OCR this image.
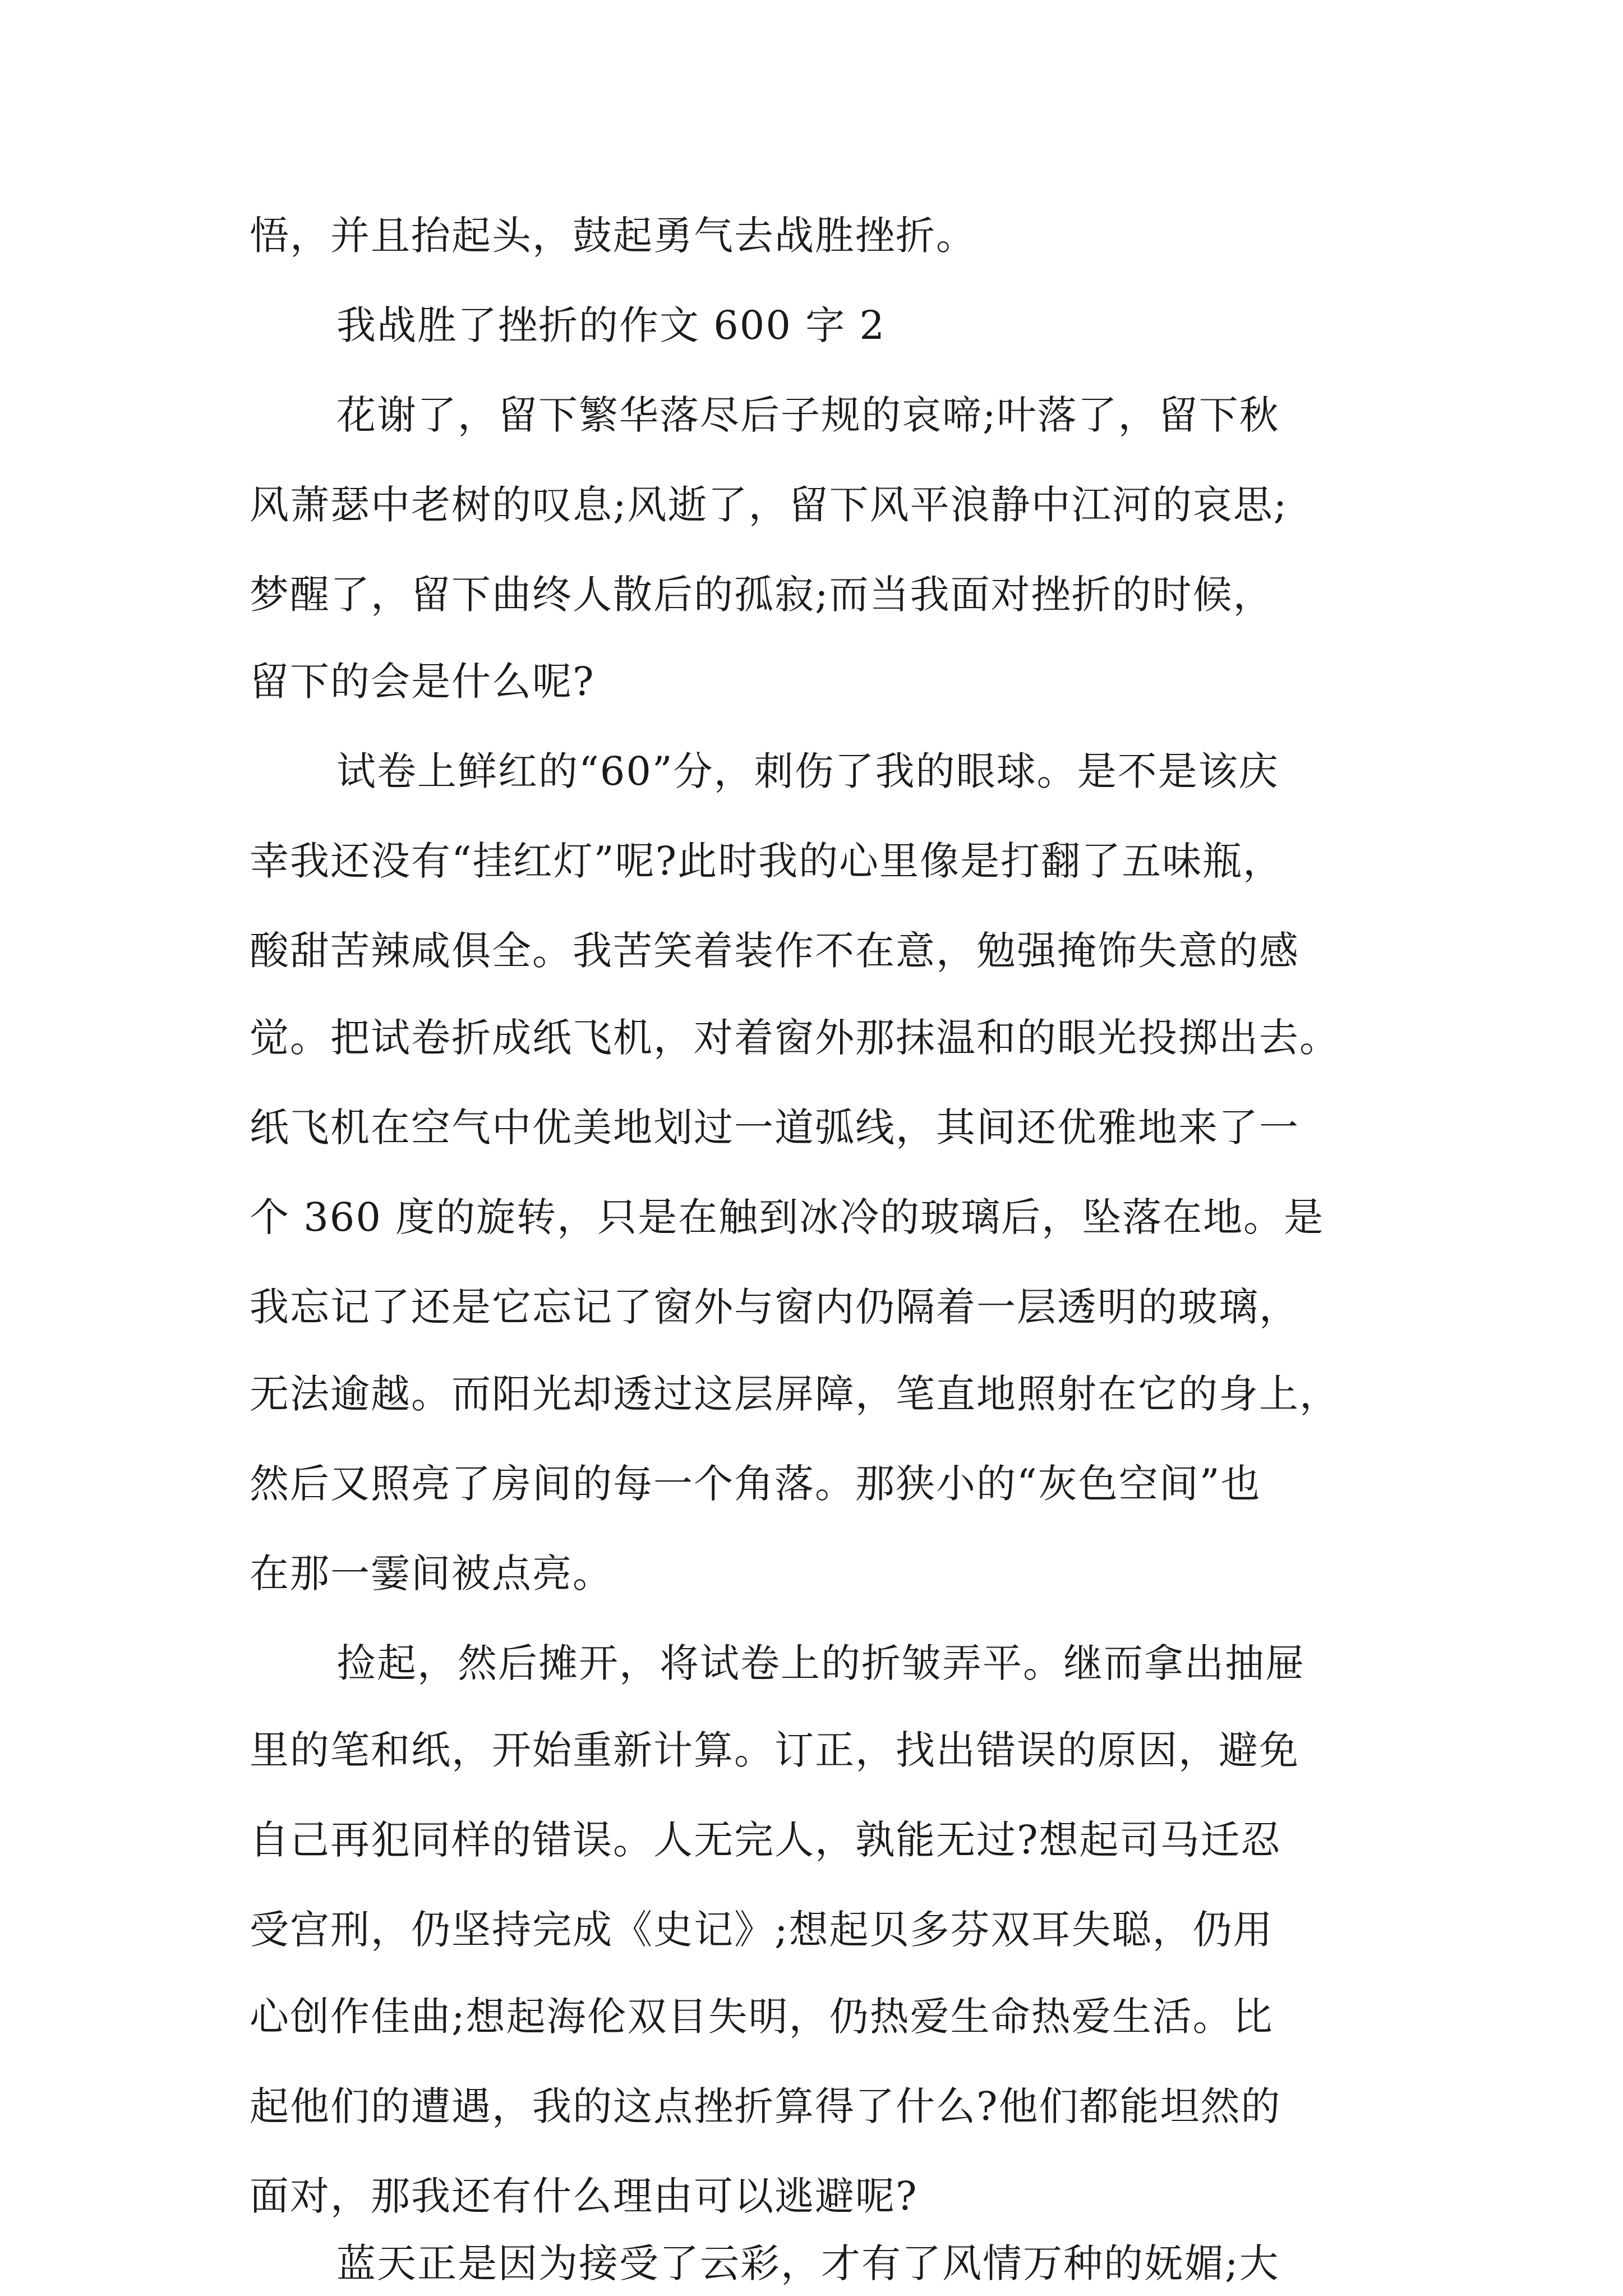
悟，并且抬起头，鼓起勇气去战胜挫折。

我战胜了挫折的作文 600 字 2

花谢了，留下繁华落尽后子规的哀啼;叶落了，留下秋

风萧瑟中老树的叹息;风逝了，留下风平浪静中江河的哀思;

梦醒了，留下曲终人散后的孤寂;而当我面对挫折的时候，

留下的会是什么呢?

试卷上鲜红的“60”分，刺伤了我的眼球。是不是该庆

幸我还没有“挂红灯”呢?此时我的心里像是打翻了五味瓶，

酸甜苦辣咸俱全。我苦笑着装作不在意，勉强掩饰失意的感

觉。把试卷折成纸飞机，对着窗外那抹温和的眼光投掷出去。

纸飞机在空气中优美地划过一道弧线，其间还优雅地来了一

个 360 度的旋转，只是在触到冰冷的玻璃后，坠落在地。是

我忘记了还是它忘记了窗外与窗内仍隔着一层透明的玻璃，

无法逾越。而阳光却透过这层屏障，笔直地照射在它的身上，

然后又照亮了房间的每一个角落。那狭小的“灰色空间”也

在那一霎间被点亮。

捡起，然后摊开，将试卷上的折皱弄平。继而拿出抽屉

里的笔和纸，开始重新计算。订正，找出错误的原因，避免

自己再犯同样的错误。人无完人，孰能无过?想起司马迁忍

受宫刑，仍坚持完成《史记》;想起贝多芬双耳失聪，仍用

心创作佳曲;想起海伦双目失明，仍热爱生命热爱生活。比

起他们的遭遇，我的这点挫折算得了什么?他们都能坦然的

面对，那我还有什么理由可以逃避呢?

蓝天正是因为接受了云彩，才有了风情万种的妩媚;大
